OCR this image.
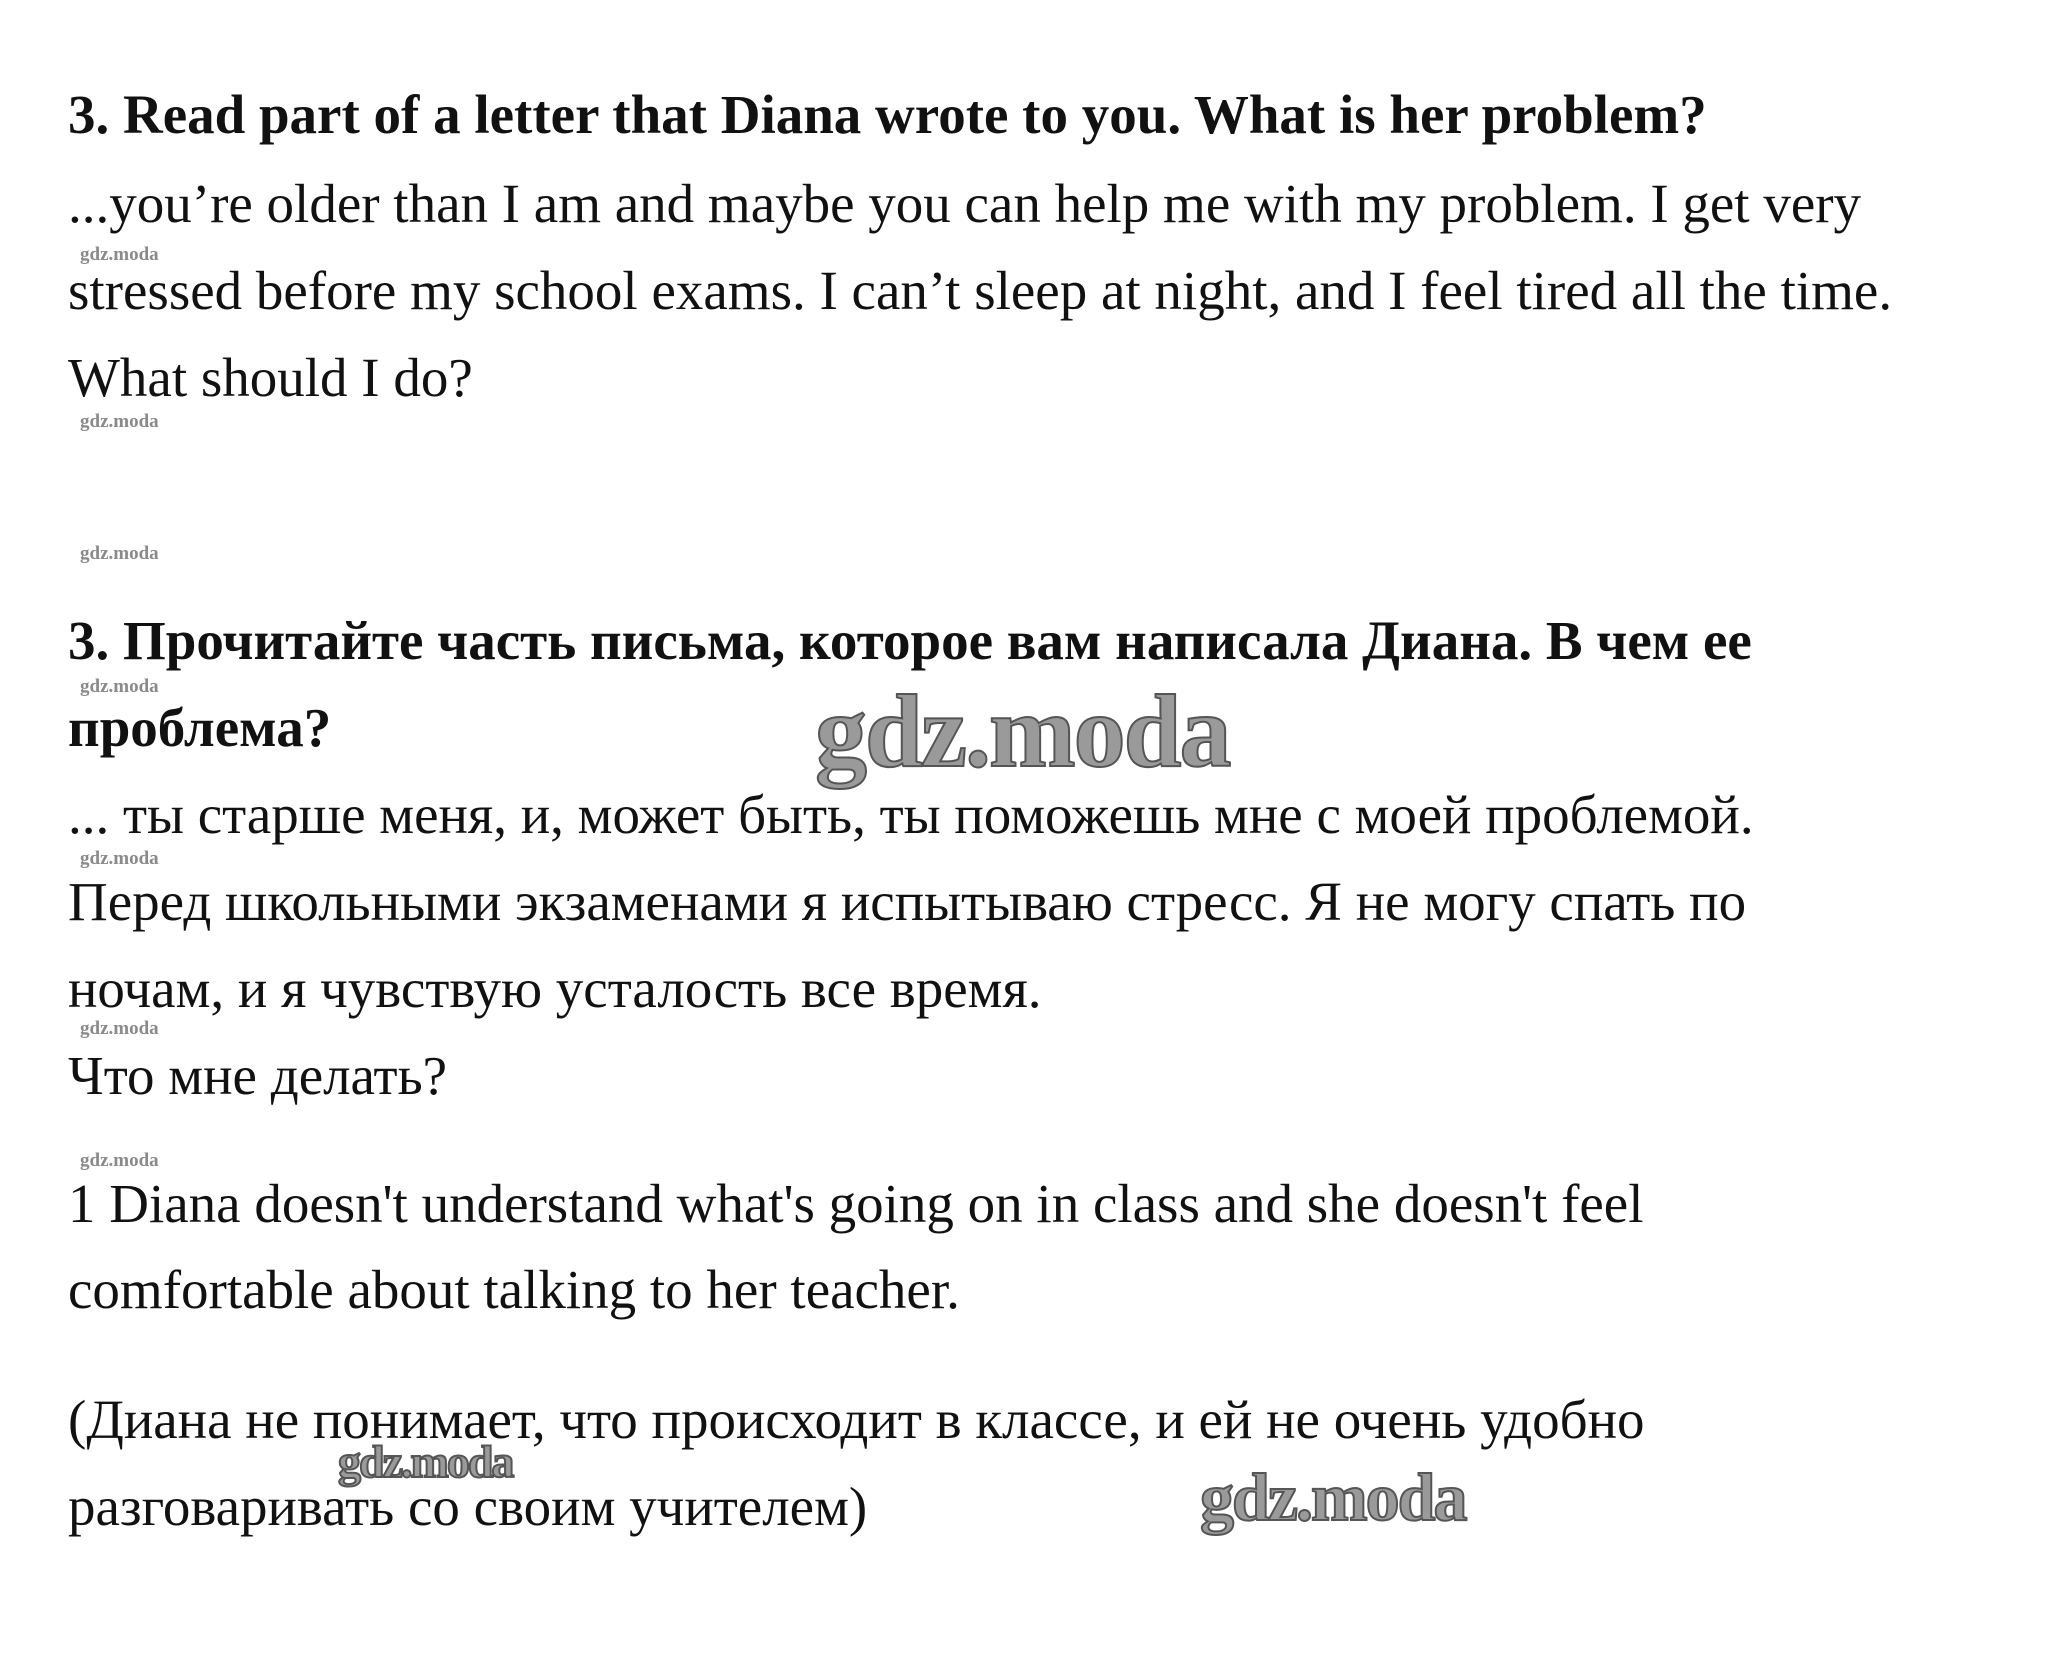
3. Read part of a letter that Diana wrote to you. What is her problem?

...you’re older than I am and maybe you can help me with my problem. I get very

stressed before my school exams. I can’t sleep at night, and I feel tired all the time.

What should I do?

3. Прочитайте часть письма, которое вам написала Диана. В чем ее

проблема?

... ты старше меня, и, может быть, ты поможешь мне с моей проблемой.

Перед школьными экзаменами я испытываю стресс. Я не могу спать по

ночам, и я чувствую усталость все время.

Что мне делать?

1 Diana doesn't understand what's going on in class and she doesn't feel

comfortable about talking to her teacher.

(Диана не понимает, что происходит в классе, и ей не очень удобно

разговаривать со своим учителем)

gdz.moda
gdz.moda
gdz.moda
gdz.moda
gdz.moda
gdz.moda
gdz.moda
gdz.moda
gdz.moda	gdz.moda
